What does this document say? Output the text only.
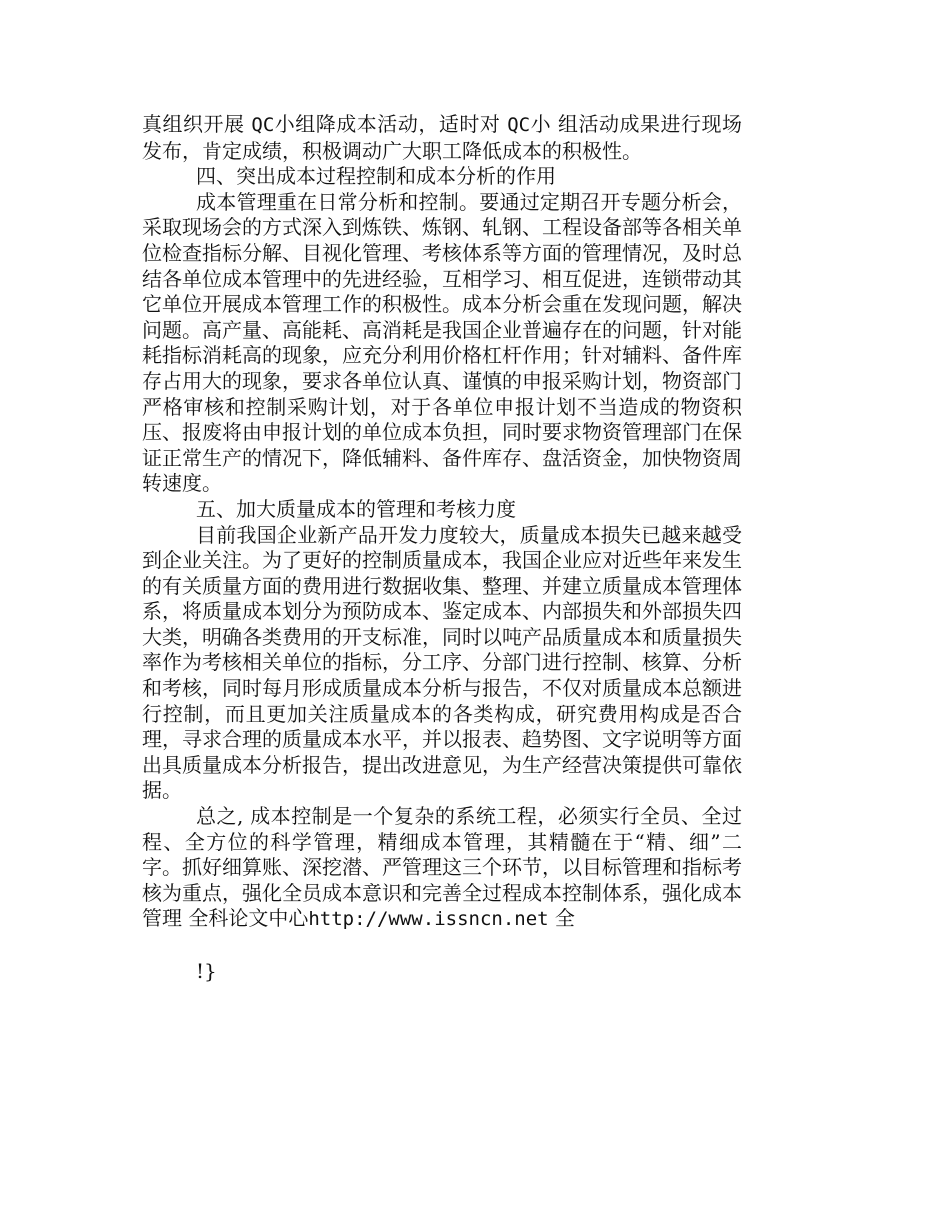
真组织开展 QC小组降成本活动，适时对 QC小 组活动成果进行现场发布，肯定成绩，积极调动广大职工降低成本的积极性。

四、突出成本过程控制和成本分析的作用

成本管理重在日常分析和控制。要通过定期召开专题分析会，采取现场会的方式深入到炼铁、炼钢、轧钢、工程设备部等各相关单位检查指标分解、目视化管理、考核体系等方面的管理情况，及时总结各单位成本管理中的先进经验，互相学习、相互促进，连锁带动其它单位开展成本管理工作的积极性。成本分析会重在发现问题，解决问题。高产量、高能耗、高消耗是我国企业普遍存在的问题，针对能耗指标消耗高的现象，应充分利用价格杠杆作用；针对辅料、备件库存占用大的现象，要求各单位认真、谨慎的申报采购计划，物资部门严格审核和控制采购计划，对于各单位申报计划不当造成的物资积压、报废将由申报计划的单位成本负担，同时要求物资管理部门在保证正常生产的情况下，降低辅料、备件库存、盘活资金，加快物资周转速度。

五、加大质量成本的管理和考核力度

目前我国企业新产品开发力度较大，质量成本损失已越来越受到企业关注。为了更好的控制质量成本，我国企业应对近些年来发生的有关质量方面的费用进行数据收集、整理、并建立质量成本管理体系，将质量成本划分为预防成本、鉴定成本、内部损失和外部损失四大类，明确各类费用的开支标准，同时以吨产品质量成本和质量损失率作为考核相关单位的指标，分工序、分部门进行控制、核算、分析和考核，同时每月形成质量成本分析与报告，不仅对质量成本总额进行控制，而且更加关注质量成本的各类构成，研究费用构成是否合理，寻求合理的质量成本水平，并以报表、趋势图、文字说明等方面出具质量成本分析报告，提出改进意见，为生产经营决策提供可靠依据。

总之, 成本控制是一个复杂的系统工程，必须实行全员、全过程、全方位的科学管理，精细成本管理，其精髓在于“精、细”二字。抓好细算账、深挖潜、严管理这三个环节，以目标管理和指标考核为重点，强化全员成本意识和完善全过程成本控制体系，强化成本管理 全科论文中心http://www.issncn.net 全

!}
